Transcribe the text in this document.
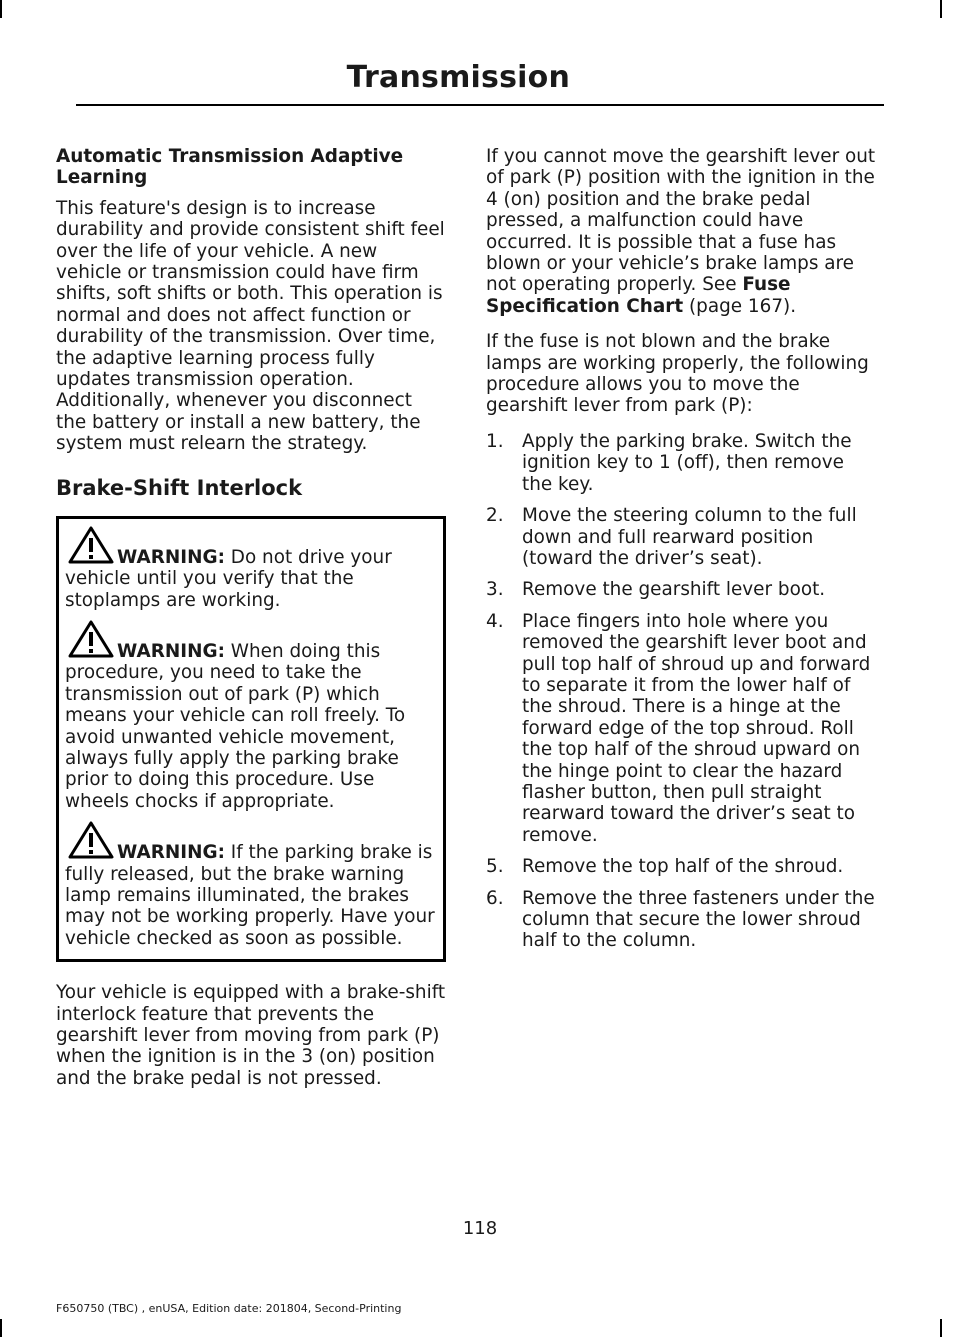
Transmission

Automatic Transmission Adaptive Learning

This feature's design is to increase durability and provide consistent shift feel over the life of your vehicle. A new vehicle or transmission could have firm shifts, soft shifts or both. This operation is normal and does not affect function or durability of the transmission. Over time, the adaptive learning process fully updates transmission operation. Additionally, whenever you disconnect the battery or install a new battery, the system must relearn the strategy.

Brake-Shift Interlock
WARNING: Do not drive your vehicle until you verify that the stoplamps are working.
WARNING: When doing this procedure, you need to take the transmission out of park (P) which means your vehicle can roll freely. To avoid unwanted vehicle movement, always fully apply the parking brake prior to doing this procedure. Use wheels chocks if appropriate.
WARNING: If the parking brake is fully released, but the brake warning lamp remains illuminated, the brakes may not be working properly. Have your vehicle checked as soon as possible.

Your vehicle is equipped with a brake-shift interlock feature that prevents the gearshift lever from moving from park (P) when the ignition is in the 3 (on) position and the brake pedal is not pressed.

If you cannot move the gearshift lever out of park (P) position with the ignition in the 4 (on) position and the brake pedal pressed, a malfunction could have occurred. It is possible that a fuse has blown or your vehicle’s brake lamps are not operating properly. See Fuse Specification Chart (page 167).

If the fuse is not blown and the brake lamps are working properly, the following procedure allows you to move the gearshift lever from park (P):

1. Apply the parking brake. Switch the ignition key to 1 (off), then remove the key.
2. Move the steering column to the full down and full rearward position (toward the driver’s seat).
3. Remove the gearshift lever boot.
4. Place fingers into hole where you removed the gearshift lever boot and pull top half of shroud up and forward to separate it from the lower half of the shroud. There is a hinge at the forward edge of the top shroud. Roll the top half of the shroud upward on the hinge point to clear the hazard flasher button, then pull straight rearward toward the driver’s seat to remove.
5. Remove the top half of the shroud.
6. Remove the three fasteners under the column that secure the lower shroud half to the column.
118
F650750 (TBC) , enUSA, Edition date: 201804, Second-Printing
